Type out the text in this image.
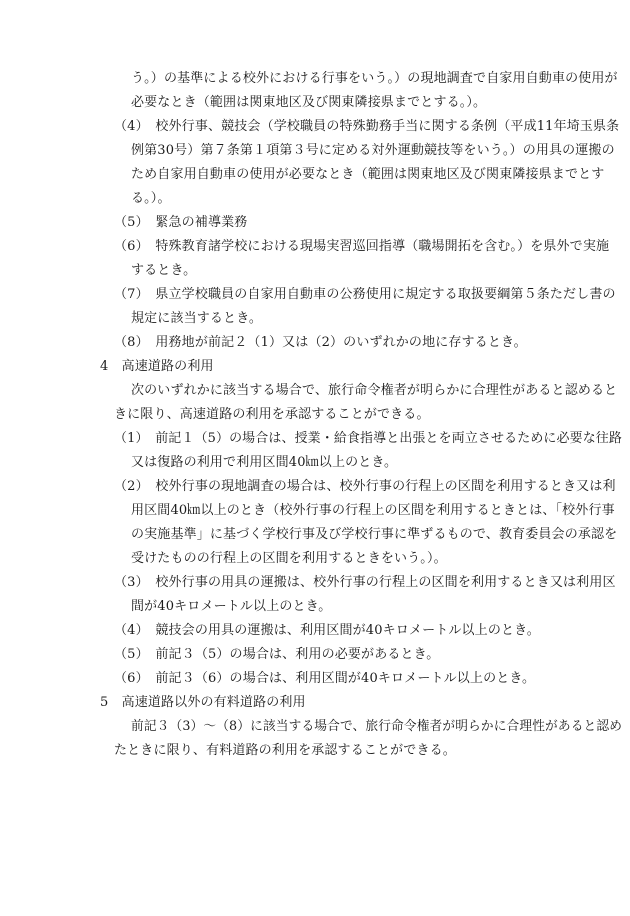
う。）の基準による校外における行事をいう。）の現地調査で自家用自動車の使用が
必要なとき（範囲は関東地区及び関東隣接県までとする。）。
（4）　校外行事、競技会（学校職員の特殊勤務手当に関する条例（平成11年埼玉県条
例第30号）第７条第１項第３号に定める対外運動競技等をいう。）の用具の運搬の
ため自家用自動車の使用が必要なとき（範囲は関東地区及び関東隣接県までとす
る。）。
（5）　緊急の補導業務
（6）　特殊教育諸学校における現場実習巡回指導（職場開拓を含む。）を県外で実施
するとき。
（7）　県立学校職員の自家用自動車の公務使用に規定する取扱要綱第５条ただし書の
規定に該当するとき。
（8）　用務地が前記２（1）又は（2）のいずれかの地に存するとき。
4　高速道路の利用
次のいずれかに該当する場合で、旅行命令権者が明らかに合理性があると認めると
きに限り、高速道路の利用を承認することができる。
（1）　前記１（5）の場合は、授業・給食指導と出張とを両立させるために必要な往路
又は復路の利用で利用区間40㎞以上のとき。
（2）　校外行事の現地調査の場合は、校外行事の行程上の区間を利用するとき又は利
用区間40㎞以上のとき（校外行事の行程上の区間を利用するときとは、「校外行事
の実施基準」に基づく学校行事及び学校行事に準ずるもので、教育委員会の承認を
受けたものの行程上の区間を利用するときをいう。）。
（3）　校外行事の用具の運搬は、校外行事の行程上の区間を利用するとき又は利用区
間が40キロメートル以上のとき。
（4）　競技会の用具の運搬は、利用区間が40キロメートル以上のとき。
（5）　前記３（5）の場合は、利用の必要があるとき。
（6）　前記３（6）の場合は、利用区間が40キロメートル以上のとき。
5　高速道路以外の有料道路の利用
前記３（3）～（8）に該当する場合で、旅行命令権者が明らかに合理性があると認め
たときに限り、有料道路の利用を承認することができる。
